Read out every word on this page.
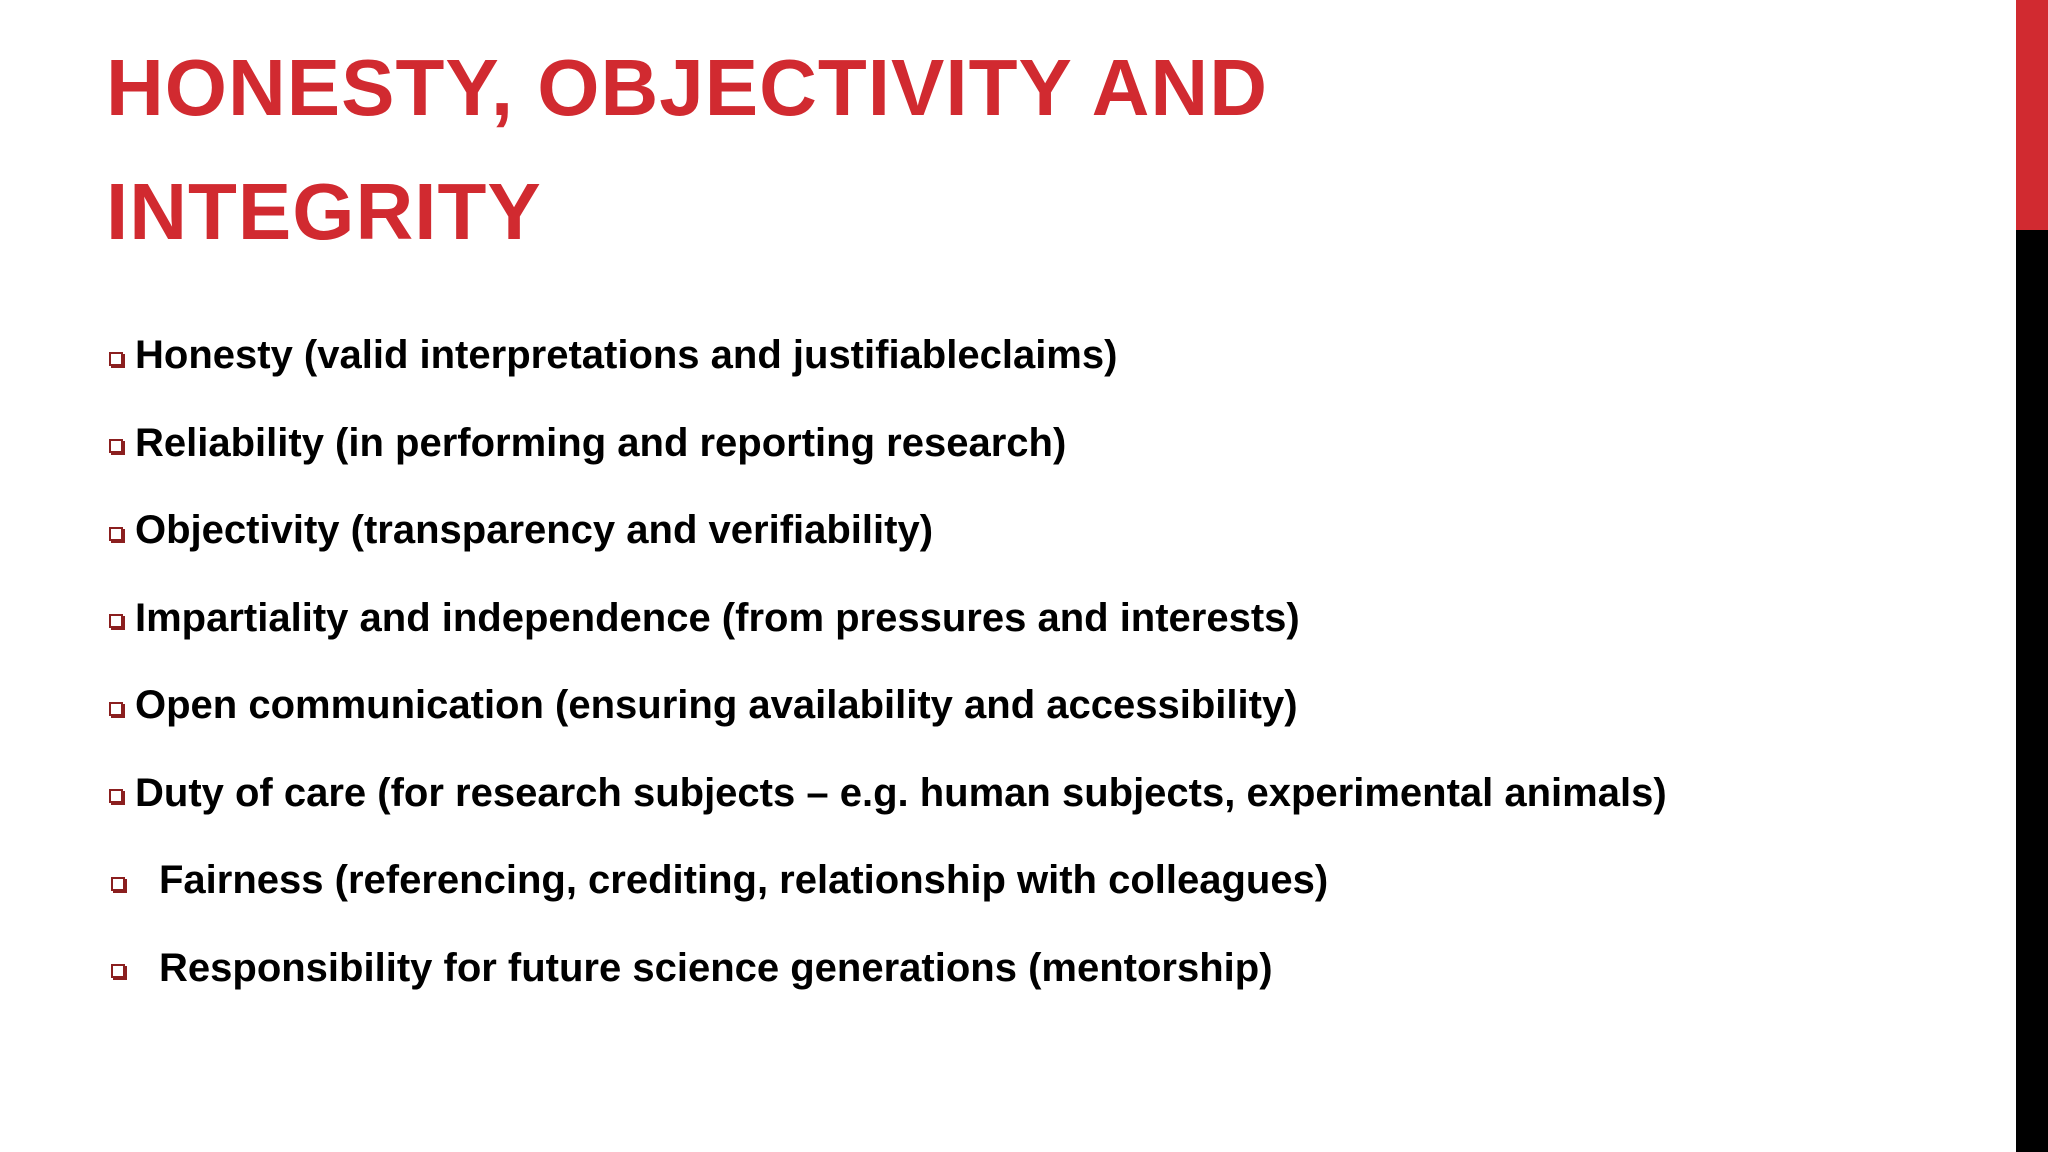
HONESTY, OBJECTIVITY AND
INTEGRITY
Honesty (valid interpretations and justifiableclaims)
Reliability (in performing and reporting research)
Objectivity (transparency and verifiability)
Impartiality and independence (from pressures and interests)
Open communication (ensuring availability and accessibility)
Duty of care (for research subjects – e.g. human subjects, experimental animals)
Fairness (referencing, crediting, relationship with colleagues)
Responsibility for future science generations (mentorship)
